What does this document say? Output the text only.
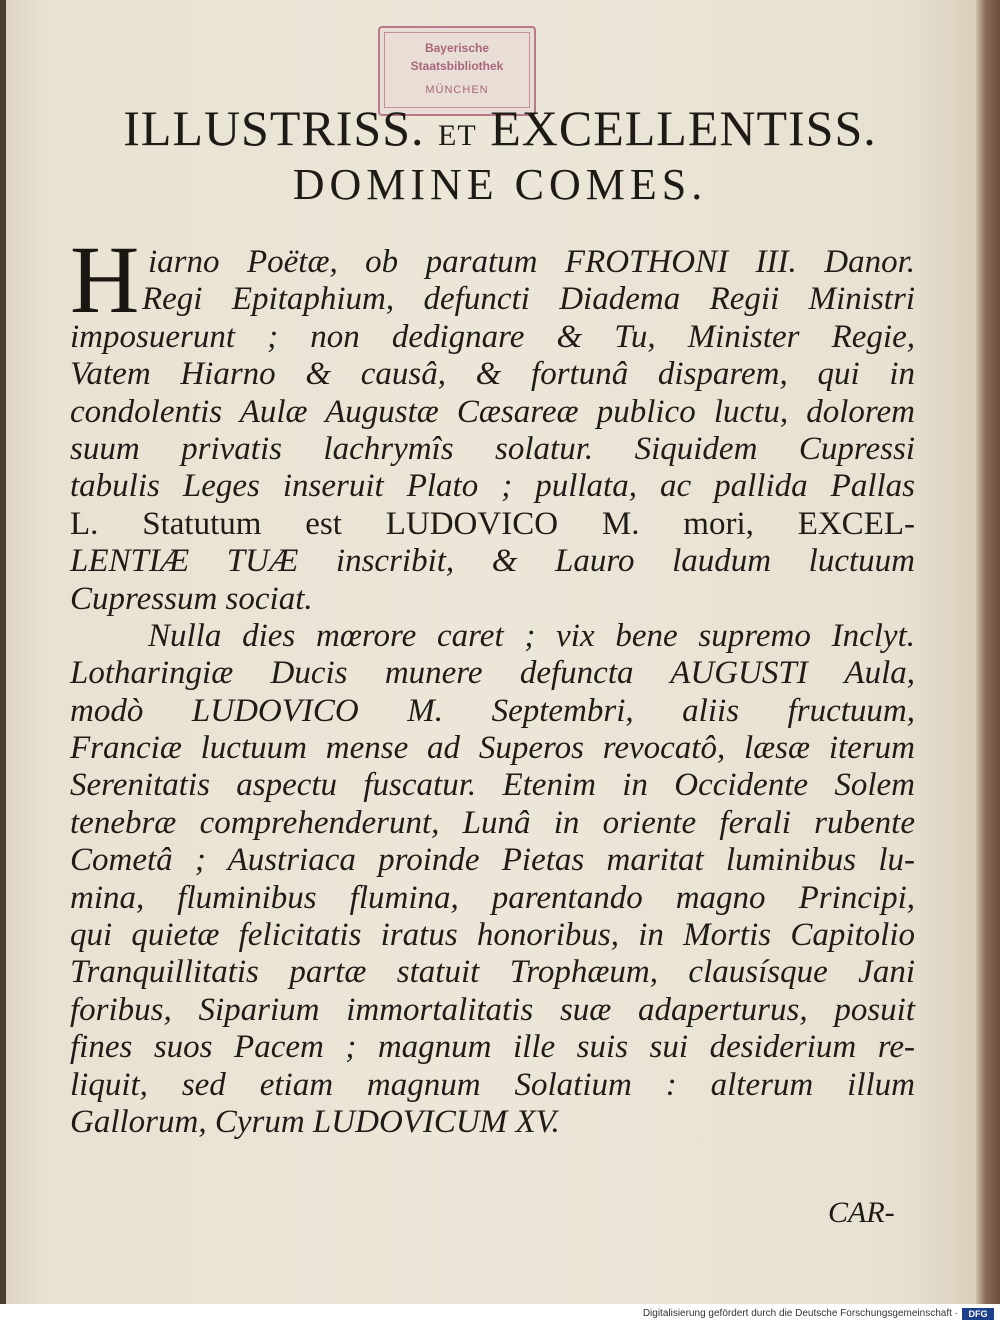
Bayerische
Staatsbibliothek
MÜNCHEN
ILLUSTRISS. ET EXCELLENTISS.
DOMINE COMES.
H iarno Poëtæ, ob paratum FROTHONI III. Danor.
Regi Epitaphium, defuncti Diadema Regii Ministri
imposuerunt ; non dedignare & Tu, Minister Regie,
Vatem Hiarno & causâ, & fortunâ disparem, qui in
condolentis Aulæ Augustæ Cæsareæ publico luctu, dolorem
suum privatis lachrymîs solatur. Siquidem Cupressi
tabulis Leges inseruit Plato ; pullata, ac pallida Pallas
L. Statutum est LUDOVICO M. mori, EXCEL-
LENTIÆ TUÆ inscribit, & Lauro laudum luctuum
Cupressum sociat.
Nulla dies mœrore caret ; vix bene supremo Inclyt.
Lotharingiæ Ducis munere defuncta AUGUSTI Aula,
modò LUDOVICO M. Septembri, aliis fructuum,
Franciæ luctuum mense ad Superos revocatô, læsæ iterum
Serenitatis aspectu fuscatur. Etenim in Occidente Solem
tenebræ comprehenderunt, Lunâ in oriente ferali rubente
Cometâ ; Austriaca proinde Pietas maritat luminibus lu-
mina, fluminibus flumina, parentando magno Principi,
qui quietæ felicitatis iratus honoribus, in Mortis Capitolio
Tranquillitatis partæ statuit Trophæum, clausísque Jani
foribus, Siparium immortalitatis suæ adaperturus, posuit
fines suos Pacem ; magnum ille suis sui desiderium re-
liquit, sed etiam magnum Solatium : alterum illum
Gallorum, Cyrum LUDOVICUM XV.
CAR-
Digitalisierung gefördert durch die Deutsche Forschungsgemeinschaft ·	DFG
